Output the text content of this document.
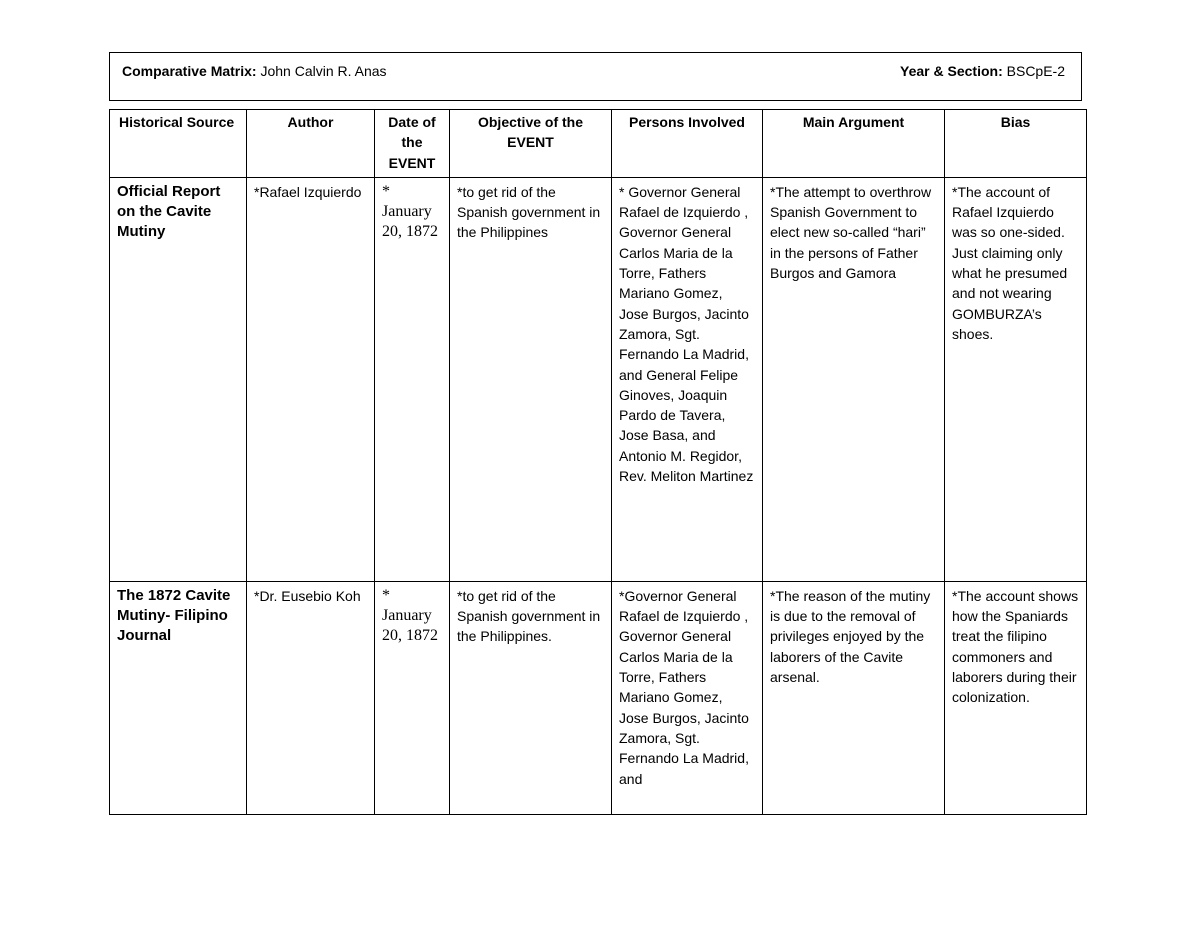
Comparative Matrix: John Calvin R. Anas	Year & Section: BSCpE-2
Historical Source	Author	Date of the EVENT	Objective of the EVENT	Persons Involved	Main Argument	Bias
Official Report on the Cavite Mutiny	*Rafael Izquierdo	* January 20, 1872	*to get rid of the Spanish government in the Philippines	* Governor General Rafael de Izquierdo , Governor General Carlos Maria de la Torre, Fathers Mariano Gomez, Jose Burgos, Jacinto Zamora, Sgt. Fernando La Madrid, and General Felipe Ginoves, Joaquin Pardo de Tavera, Jose Basa, and Antonio M. Regidor, Rev. Meliton Martinez	*The attempt to overthrow Spanish Government to elect new so-called “hari” in the persons of Father Burgos and Gamora	*The account of Rafael Izquierdo was so one-sided. Just claiming only what he presumed and not wearing GOMBURZA’s shoes.
The 1872 Cavite Mutiny- Filipino Journal	*Dr. Eusebio Koh	* January 20, 1872	*to get rid of the Spanish government in the Philippines.	*Governor General Rafael de Izquierdo , Governor General Carlos Maria de la Torre, Fathers Mariano Gomez, Jose Burgos, Jacinto Zamora, Sgt. Fernando La Madrid, and	*The reason of the mutiny is due to the removal of privileges enjoyed by the laborers of the Cavite arsenal.	*The account shows how the Spaniards treat the filipino commoners and laborers during their colonization.
